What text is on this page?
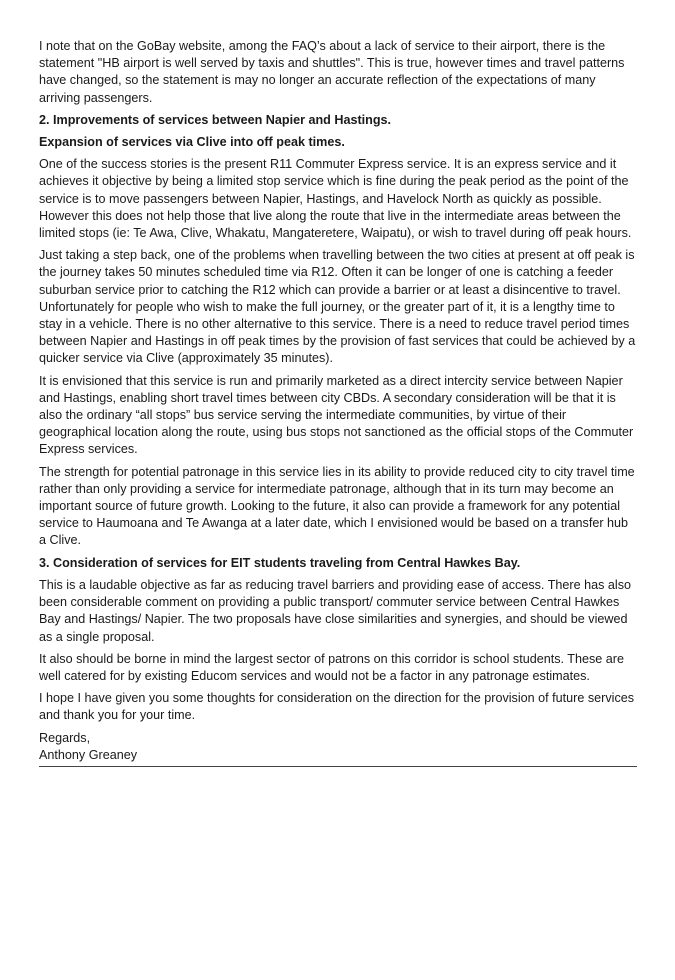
I note that on the GoBay website, among the FAQ’s about a lack of service to their airport, there is the statement "HB airport is well served by taxis and shuttles". This is true, however times and travel patterns have changed, so the statement is may no longer an accurate reflection of the expectations of many arriving passengers.

2. Improvements of services between Napier and Hastings.
Expansion of services via Clive into off peak times.

One of the success stories is the present R11 Commuter Express service. It is an express service and it achieves it objective by being a limited stop service which is fine during the peak period as the point of the service is to move passengers between Napier, Hastings, and Havelock North as quickly as possible. However this does not help those that live along the route that live in the intermediate areas between the limited stops (ie: Te Awa, Clive, Whakatu, Mangateretere, Waipatu), or wish to travel during off peak hours.

Just taking a step back, one of the problems when travelling between the two cities at present at off peak is the journey takes 50 minutes scheduled time via R12. Often it can be longer of one is catching a feeder suburban service prior to catching the R12 which can provide a barrier or at least a disincentive to travel. Unfortunately for people who wish to make the full journey, or the greater part of it, it is a lengthy time to stay in a vehicle. There is no other alternative to this service. There is a need to reduce travel period times between Napier and Hastings in off peak times by the provision of fast services that could be achieved by a quicker service via Clive (approximately 35 minutes).

It is envisioned that this service is run and primarily marketed as a direct intercity service between Napier and Hastings, enabling short travel times between city CBDs. A secondary consideration will be that it is also the ordinary “all stops” bus service serving the intermediate communities, by virtue of their geographical location along the route, using bus stops not sanctioned as the official stops of the Commuter Express services.

The strength for potential patronage in this service lies in its ability to provide reduced city to city travel time rather than only providing a service for intermediate patronage, although that in its turn may become an important source of future growth. Looking to the future, it also can provide a framework for any potential service to Haumoana and Te Awanga at a later date, which I envisioned would be based on a transfer hub a Clive.

3. Consideration of services for EIT students traveling from Central Hawkes Bay.

This is a laudable objective as far as reducing travel barriers and providing ease of access. There has also been considerable comment on providing a public transport/ commuter service between Central Hawkes Bay and Hastings/ Napier. The two proposals have close similarities and synergies, and should be viewed as a single proposal.

It also should be borne in mind the largest sector of patrons on this corridor is school students. These are well catered for by existing Educom services and would not be a factor in any patronage estimates.

I hope I have given you some thoughts for consideration on the direction for the provision of future services and thank you for your time.

Regards,
Anthony Greaney
